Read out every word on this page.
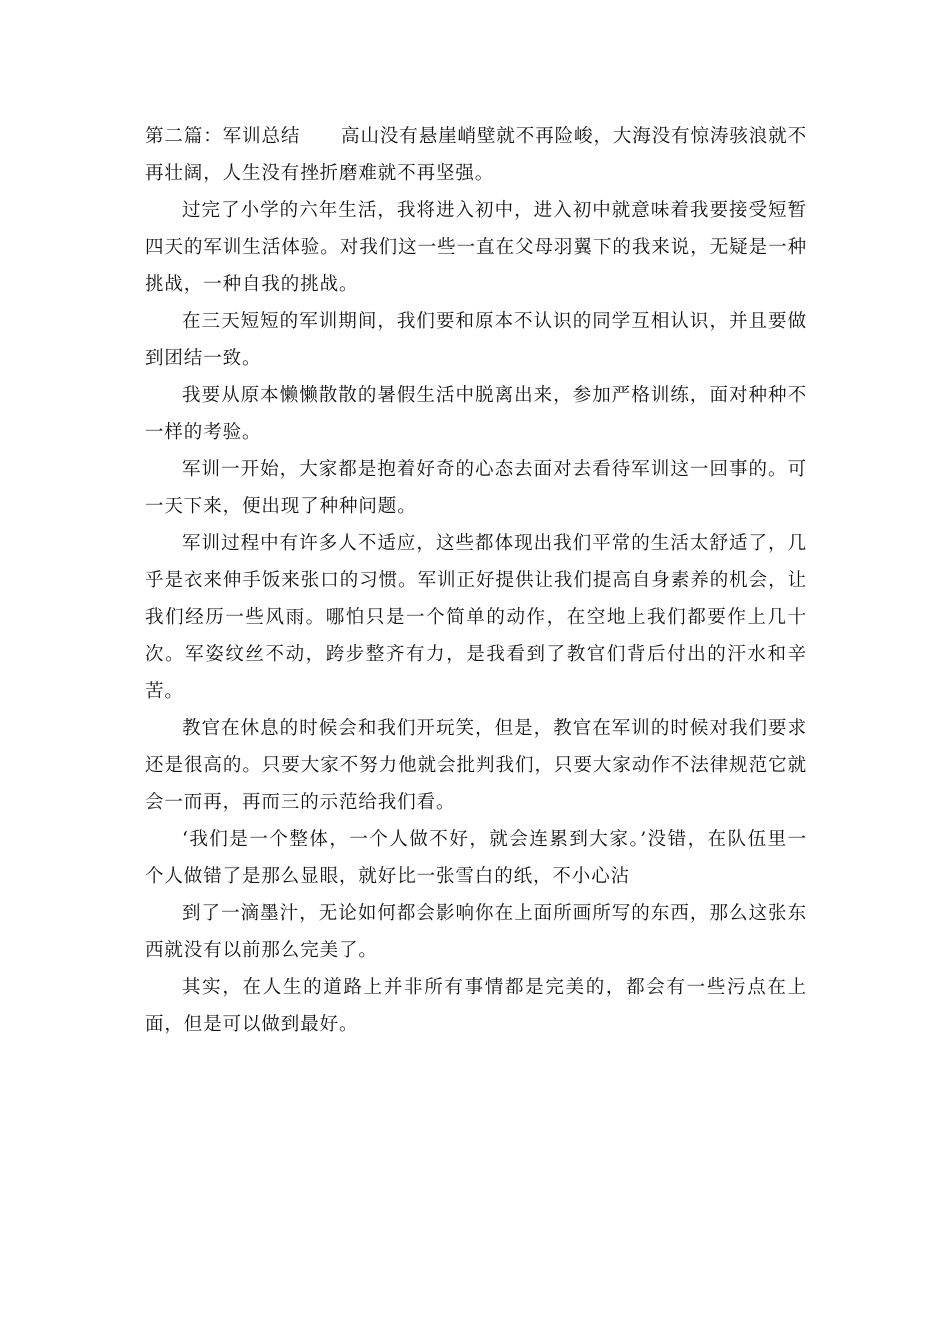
第二篇：军训总结 高山没有悬崖峭壁就不再险峻，大海没有惊涛骇浪就不再壮阔，人生没有挫折磨难就不再坚强。

过完了小学的六年生活，我将进入初中，进入初中就意味着我要接受短暂四天的军训生活体验。对我们这一些一直在父母羽翼下的我来说，无疑是一种挑战，一种自我的挑战。

在三天短短的军训期间，我们要和原本不认识的同学互相认识，并且要做到团结一致。

我要从原本懒懒散散的暑假生活中脱离出来，参加严格训练，面对种种不一样的考验。

军训一开始，大家都是抱着好奇的心态去面对去看待军训这一回事的。可一天下来，便出现了种种问题。

军训过程中有许多人不适应，这些都体现出我们平常的生活太舒适了，几乎是衣来伸手饭来张口的习惯。军训正好提供让我们提高自身素养的机会，让我们经历一些风雨。哪怕只是一个简单的动作，在空地上我们都要作上几十次。军姿纹丝不动，跨步整齐有力，是我看到了教官们背后付出的汗水和辛苦。

教官在休息的时候会和我们开玩笑，但是，教官在军训的时候对我们要求还是很高的。只要大家不努力他就会批判我们，只要大家动作不法律规范它就会一而再，再而三的示范给我们看。

‘我们是一个整体，一个人做不好，就会连累到大家。’没错，在队伍里一个人做错了是那么显眼，就好比一张雪白的纸，不小心沾

到了一滴墨汁，无论如何都会影响你在上面所画所写的东西，那么这张东西就没有以前那么完美了。

其实，在人生的道路上并非所有事情都是完美的，都会有一些污点在上面，但是可以做到最好。
